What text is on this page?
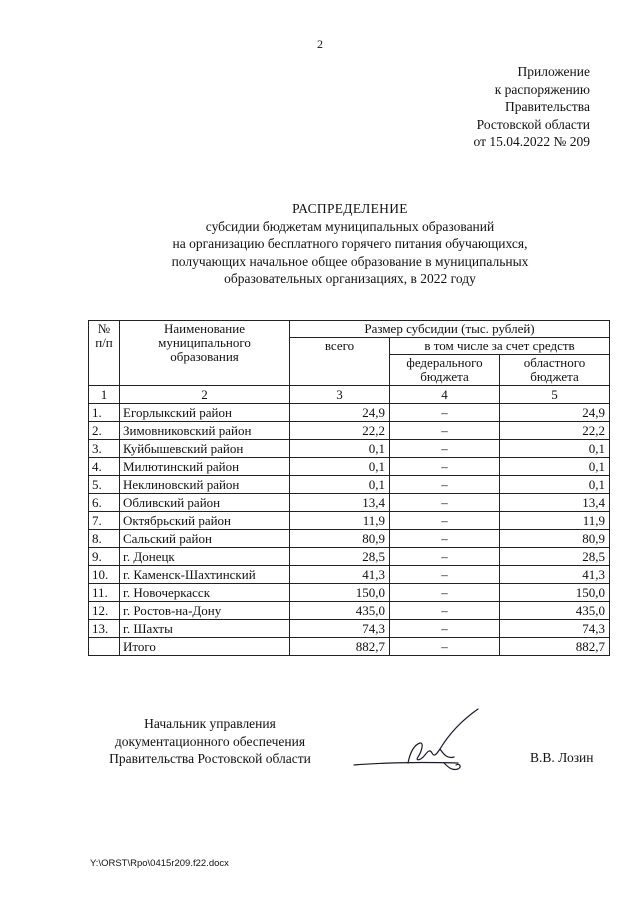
2
Приложение
к распоряжению
Правительства
Ростовской области
от 15.04.2022 № 209
РАСПРЕДЕЛЕНИЕ
субсидии бюджетам муниципальных образований
на организацию бесплатного горячего питания обучающихся,
получающих начальное общее образование в муниципальных
образовательных организациях, в 2022 году
№ п/п	Наименование муниципального образования	Размер субсидии (тыс. рублей)		
		всего	в том числе за счет средств	
			федерального бюджета	областного бюджета
1	2	3	4	5
1.	Егорлыкский район	24,9	–	24,9
2.	Зимовниковский район	22,2	–	22,2
3.	Куйбышевский район	0,1	–	0,1
4.	Милютинский район	0,1	–	0,1
5.	Неклиновский район	0,1	–	0,1
6.	Обливский район	13,4	–	13,4
7.	Октябрьский район	11,9	–	11,9
8.	Сальский район	80,9	–	80,9
9.	г. Донецк	28,5	–	28,5
10.	г. Каменск-Шахтинский	41,3	–	41,3
11.	г. Новочеркасск	150,0	–	150,0
12.	г. Ростов-на-Дону	435,0	–	435,0
13.	г. Шахты	74,3	–	74,3
	Итого	882,7	–	882,7
Начальник управления
документационного обеспечения
Правительства Ростовской области	В.В. Лозин
Y:\ORST\Rpo\0415r209.f22.docx
